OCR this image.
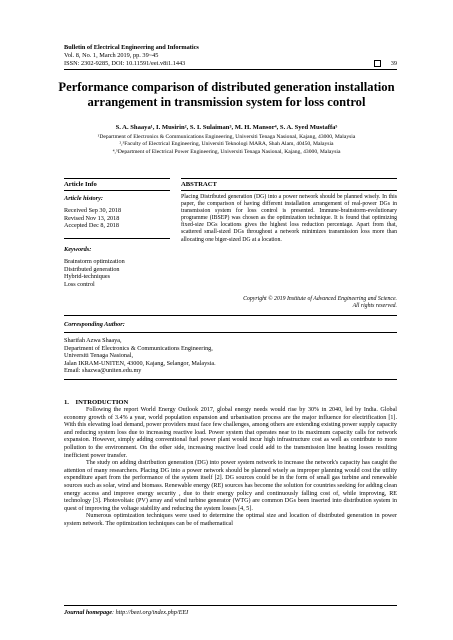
Bulletin of Electrical Engineering and Informatics
Vol. 8, No. 1, March 2019, pp. 39~45
ISSN: 2302-9285, DOI: 10.11591/eei.v8i1.1443	39
Performance comparison of distributed generation installation
arrangement in transmission system for loss control
S. A. Shaaya¹, I. Musirin², S. I. Sulaiman³, M. H. Mansor⁴, S. A. Syed Mustaffa⁵
¹Department of Electronics & Communications Engineering, Universiti Tenaga Nasional, Kajang, 43000, Malaysia
²,³Faculty of Electrical Engineering, Universiti Teknologi MARA, Shah Alam, 40450, Malaysia
⁴,⁵Department of Electrical Power Engineering, Universiti Tenaga Nasional, Kajang, 43000, Malaysia
Article Info	ABSTRACT
Article history:
Received Sep 30, 2018
Revised Nov 13, 2018
Accepted Dec 8, 2018
Keywords:
Brainstorm optimization
Distributed generation
Hybrid-techniques
Loss control
Placing Distributed generation (DG) into a power network should be planned wisely. In this paper, the comparison of having different installation arrangement of real-power DGs in transmission system for loss control is presented. Immune-brainstorm-evolutionary programme (IBSEP) was chosen as the optimization technique. It is found that optimizing fixed-size DGs locations gives the highest loss reduction percentage. Apart from that, scattered small-sized DGs throughout a network minimizes transmission loss more than allocating one biger-sized DG at a location.
Copyright © 2019 Institute of Advanced Engineering and Science.
All rights reserved.
Corresponding Author:
Sharifah Azwa Shaaya,
Department of Electronics & Communications Engineering,
Universiti Tenaga Nasional,
Jalan IKRAM-UNITEN, 43000, Kajang, Selangor, Malaysia.
Email: shazwa@uniten.edu.my
1.    INTRODUCTION

Following the report World Energy Outlook 2017, global energy needs would rise by 30% in 2040, led by India. Global economy growth of 3.4% a year, world population expansion and urbanisation process are the major influence for electrification [1]. With this elevating load demand, power providers must face few challenges, among others are extending existing power supply capacity and reducing system loss due to increasing reactive load. Power system that operates near to its maximum capacity calls for network expansion. However, simply adding conventional fuel power plant would incur high infrastructure cost as well as contribute to more pollution to the environment. On the other side, increasing reactive load could add to the transmission line heating losses resulting inefficient power transfer.

The study on adding distribution generation (DG) into power system network to increase the network's capacity has caught the attention of many researchers. Placing DG into a power network should be planned wisely as improper planning would cost the utility expenditure apart from the performance of the system itself [2]. DG sources could be in the form of small gas turbine and renewable sources such as solar, wind and biomass. Renewable energy (RE) sources has become the solution for countries seeking for adding clean energy access and improve energy security , due to their energy policy and continuously falling cost of, while improving, RE technology [3]. Photovoltaic (PV) array and wind turbine generator (WTG) are common DGs been inserted into distribution system in quest of improving the voltage stability and reducing the system losses [4, 5].

Numerous optimization techniques were used to determine the optimal size and location of distributed generation in power system network. The optimization techniques can be of mathematical

Journal homepage: http://beei.org/index.php/EEI
